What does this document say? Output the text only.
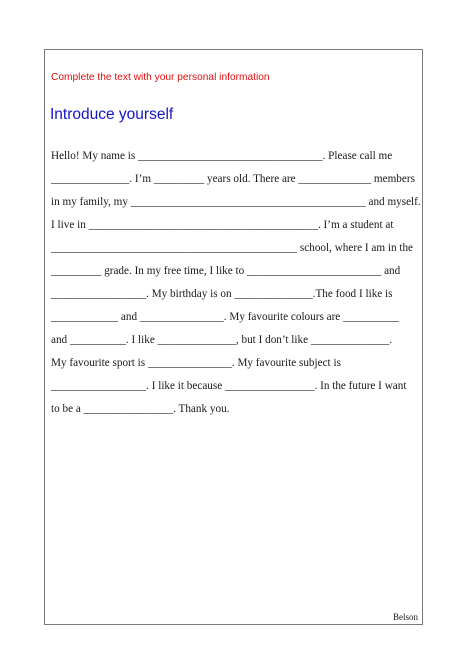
Complete the text with your personal information
Introduce yourself
Hello! My name is _________________________________. Please call me
______________. I’m _________ years old. There are _____________ members
in my family, my __________________________________________ and myself.
I live in _________________________________________. I’m a student at
____________________________________________ school, where I am in the
_________ grade. In my free time, I like to ________________________ and
_________________. My birthday is on ______________.The food I like is
____________ and _______________. My favourite colours are __________
and __________. I like ______________, but I don’t like ______________.
My favourite sport is _______________. My favourite subject is
_________________. I like it because ________________. In the future I want
to be a ________________. Thank you.
Belson
